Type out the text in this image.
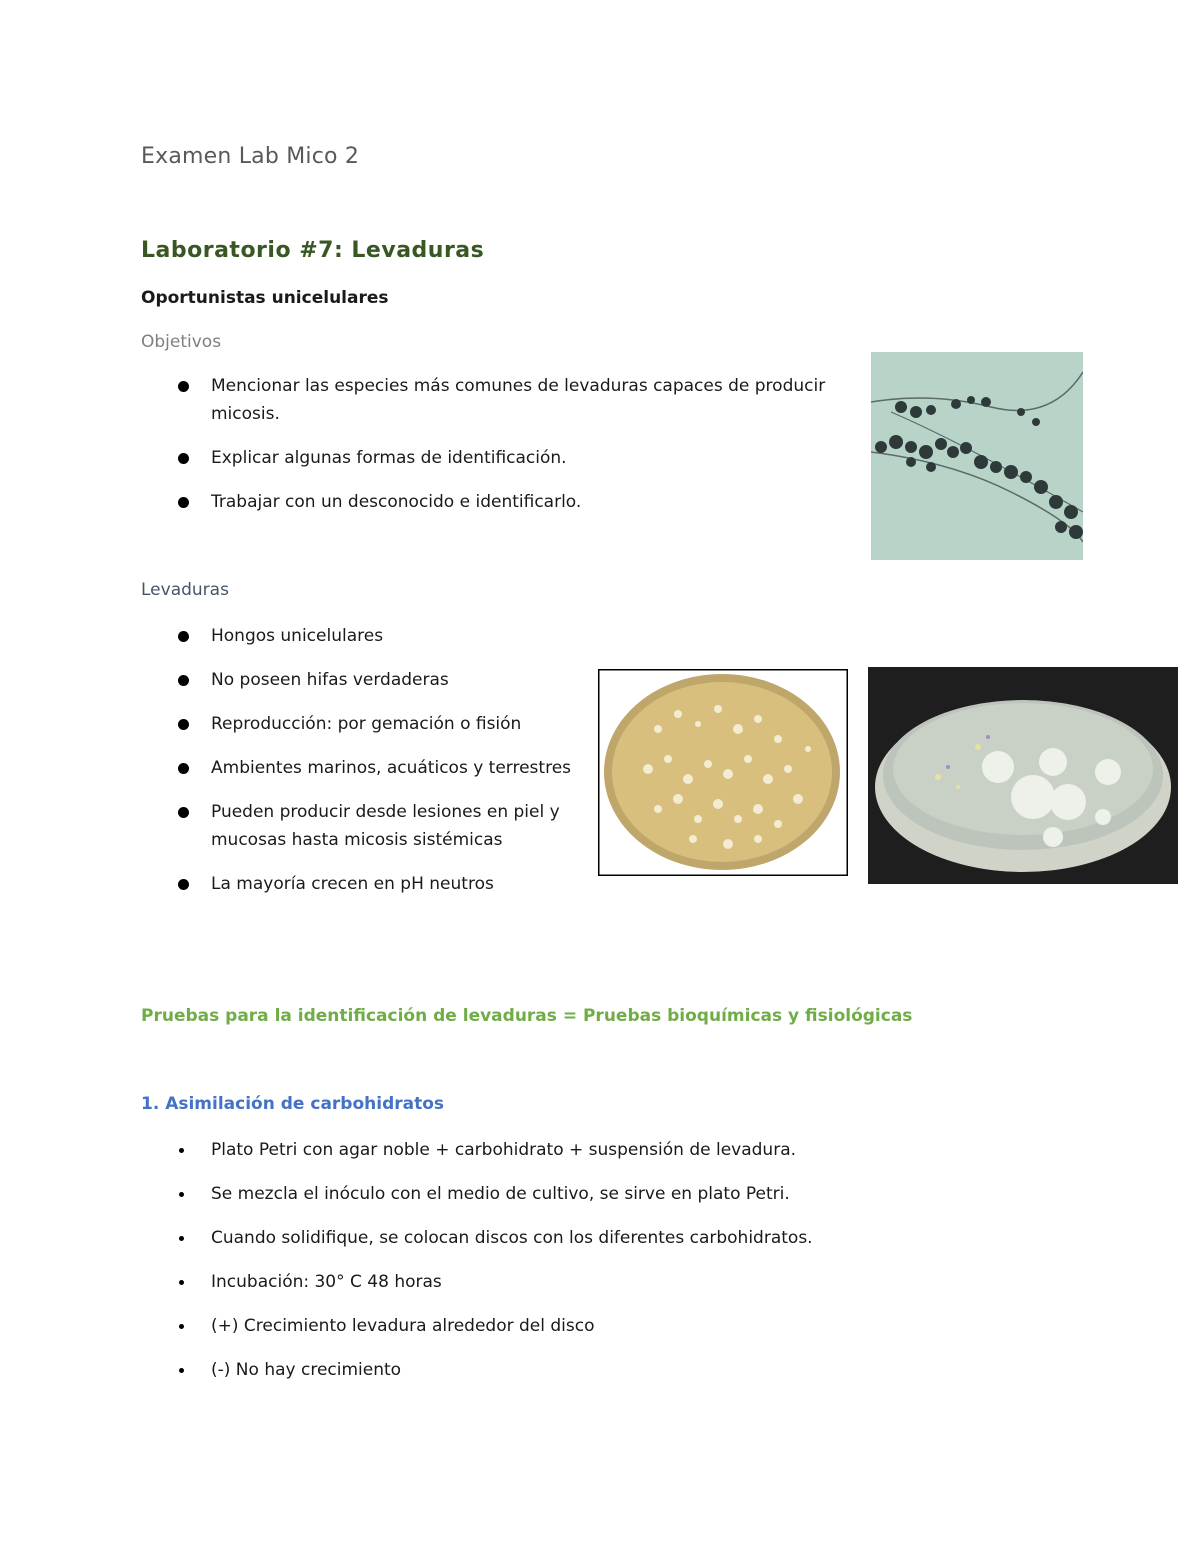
Examen Lab Mico 2
Laboratorio #7: Levaduras
Oportunistas unicelulares
Objetivos
Mencionar las especies más comunes de levaduras capaces de producir micosis.
Explicar algunas formas de identificación.
Trabajar con un desconocido e identificarlo.
Levaduras
Hongos unicelulares
No poseen hifas verdaderas
Reproducción: por gemación o fisión
Ambientes marinos, acuáticos y terrestres
Pueden producir desde lesiones en piel y mucosas hasta micosis sistémicas
La mayoría crecen en pH neutros
Pruebas para la identificación de levaduras = Pruebas bioquímicas y fisiológicas
1. Asimilación de carbohidratos
Plato Petri con agar noble + carbohidrato + suspensión de levadura.
Se mezcla el inóculo con el medio de cultivo, se sirve en plato Petri.
Cuando solidifique, se colocan discos con los diferentes carbohidratos.
Incubación: 30° C 48 horas
(+) Crecimiento levadura alrededor del disco
(-) No hay crecimiento
